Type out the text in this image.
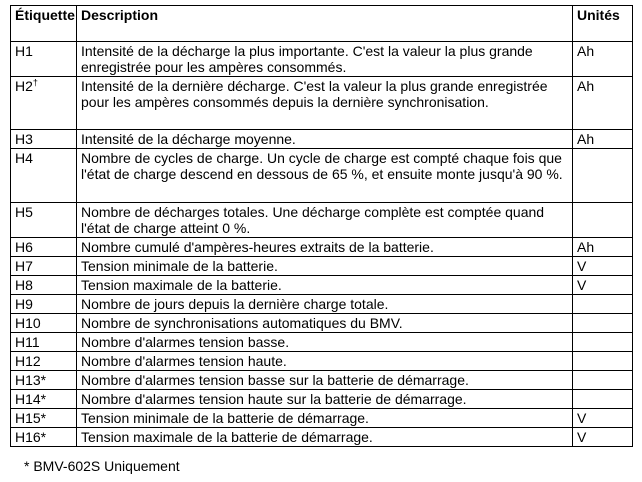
Étiquette	Description	Unités
H1	Intensité de la décharge la plus importante. C'est la valeur la plus grande enregistrée pour les ampères consommés.	Ah
H2†	Intensité de la dernière décharge. C'est la valeur la plus grande enregistrée pour les ampères consommés depuis la dernière synchronisation.	Ah
H3	Intensité de la décharge moyenne.	Ah
H4	Nombre de cycles de charge. Un cycle de charge est compté chaque fois que l'état de charge descend en dessous de 65 %, et ensuite monte jusqu'à 90 %.	
H5	Nombre de décharges totales. Une décharge complète est comptée quand l'état de charge atteint 0 %.	
H6	Nombre cumulé d'ampères-heures extraits de la batterie.	Ah
H7	Tension minimale de la batterie.	V
H8	Tension maximale de la batterie.	V
H9	Nombre de jours depuis la dernière charge totale.	
H10	Nombre de synchronisations automatiques du BMV.	
H11	Nombre d'alarmes tension basse.	
H12	Nombre d'alarmes tension haute.	
H13*	Nombre d'alarmes tension basse sur la batterie de démarrage.	
H14*	Nombre d'alarmes tension haute sur la batterie de démarrage.	
H15*	Tension minimale de la batterie de démarrage.	V
H16*	Tension maximale de la batterie de démarrage.	V
* BMV-602S Uniquement
